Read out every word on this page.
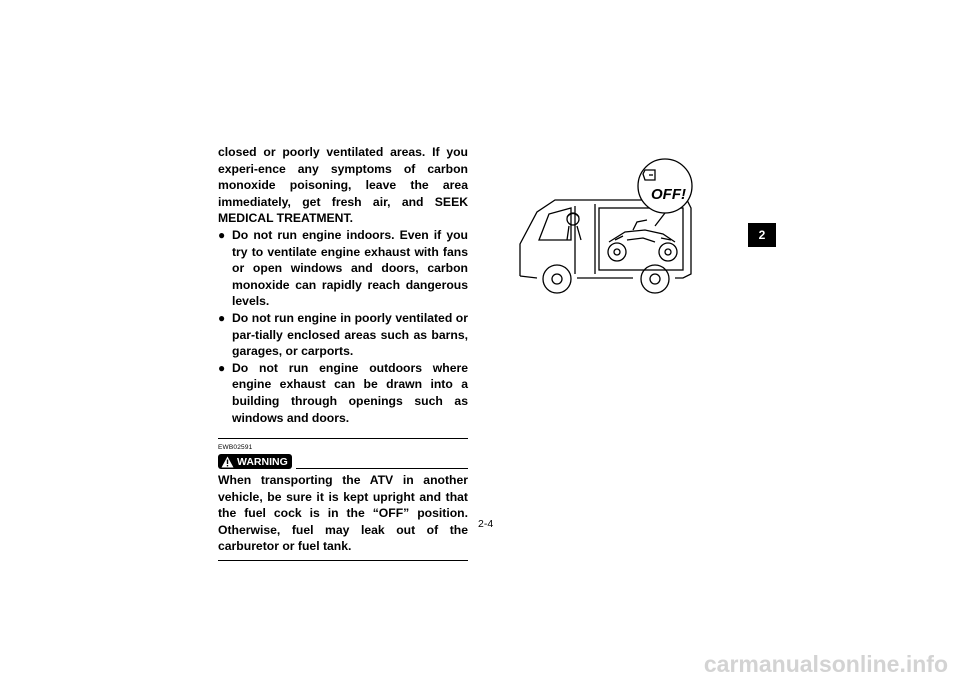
closed or poorly ventilated areas. If you experi-ence any symptoms of carbon monoxide poisoning, leave the area immediately, get fresh air, and SEEK MEDICAL TREATMENT.

● Do not run engine indoors. Even if you try to ventilate engine exhaust with fans or open windows and doors, carbon monoxide can rapidly reach dangerous levels.
● Do not run engine in poorly ventilated or par-tially enclosed areas such as barns, garages, or carports.
● Do not run engine outdoors where engine exhaust can be drawn into a building through openings such as windows and doors.
EWB02591
WARNING

When transporting the ATV in another vehicle, be sure it is kept upright and that the fuel cock is in the “OFF” position. Otherwise, fuel may leak out of the carburetor or fuel tank.

OFF!
2
2-4
carmanualsonline.info
